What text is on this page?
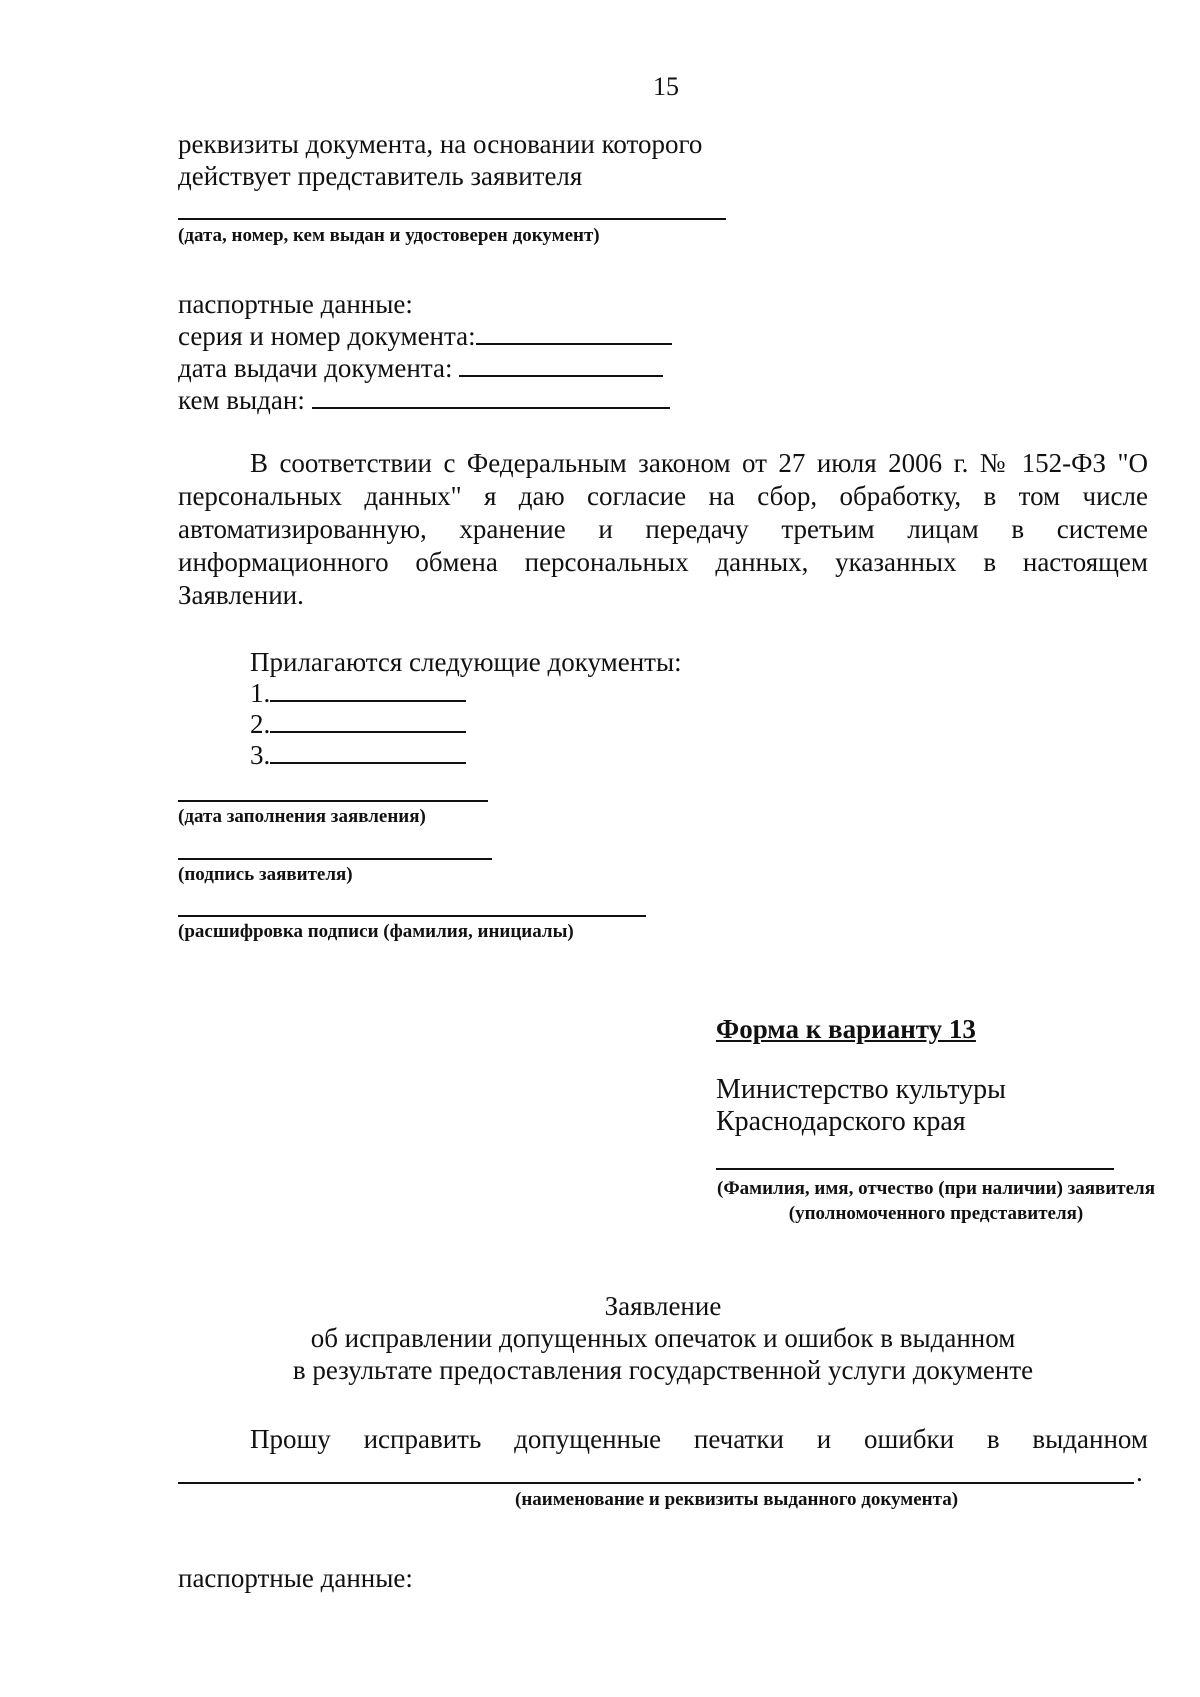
15
реквизиты документа, на основании которого
действует представитель заявителя
(дата, номер, кем выдан и удостоверен документ)
паспортные данные:
серия и номер документа:
дата выдачи документа:
кем выдан:
В соответствии с Федеральным законом от 27 июля 2006 г. № 152-ФЗ "О персональных данных" я даю согласие на сбор, обработку, в том числе автоматизированную, хранение и передачу третьим лицам в системе информационного обмена персональных данных, указанных в настоящем Заявлении.
Прилагаются следующие документы:
1.
2.
3.
(дата заполнения заявления)
(подпись заявителя)
(расшифровка подписи (фамилия, инициалы)
Форма к варианту 13
Министерство культуры
Краснодарского края
(Фамилия, имя, отчество (при наличии) заявителя (уполномоченного представителя)
Заявление
об исправлении допущенных опечаток и ошибок в выданном
в результате предоставления государственной услуги документе
Прошу исправить допущенные печатки и ошибки в выданном
.
(наименование и реквизиты выданного документа)
паспортные данные:
